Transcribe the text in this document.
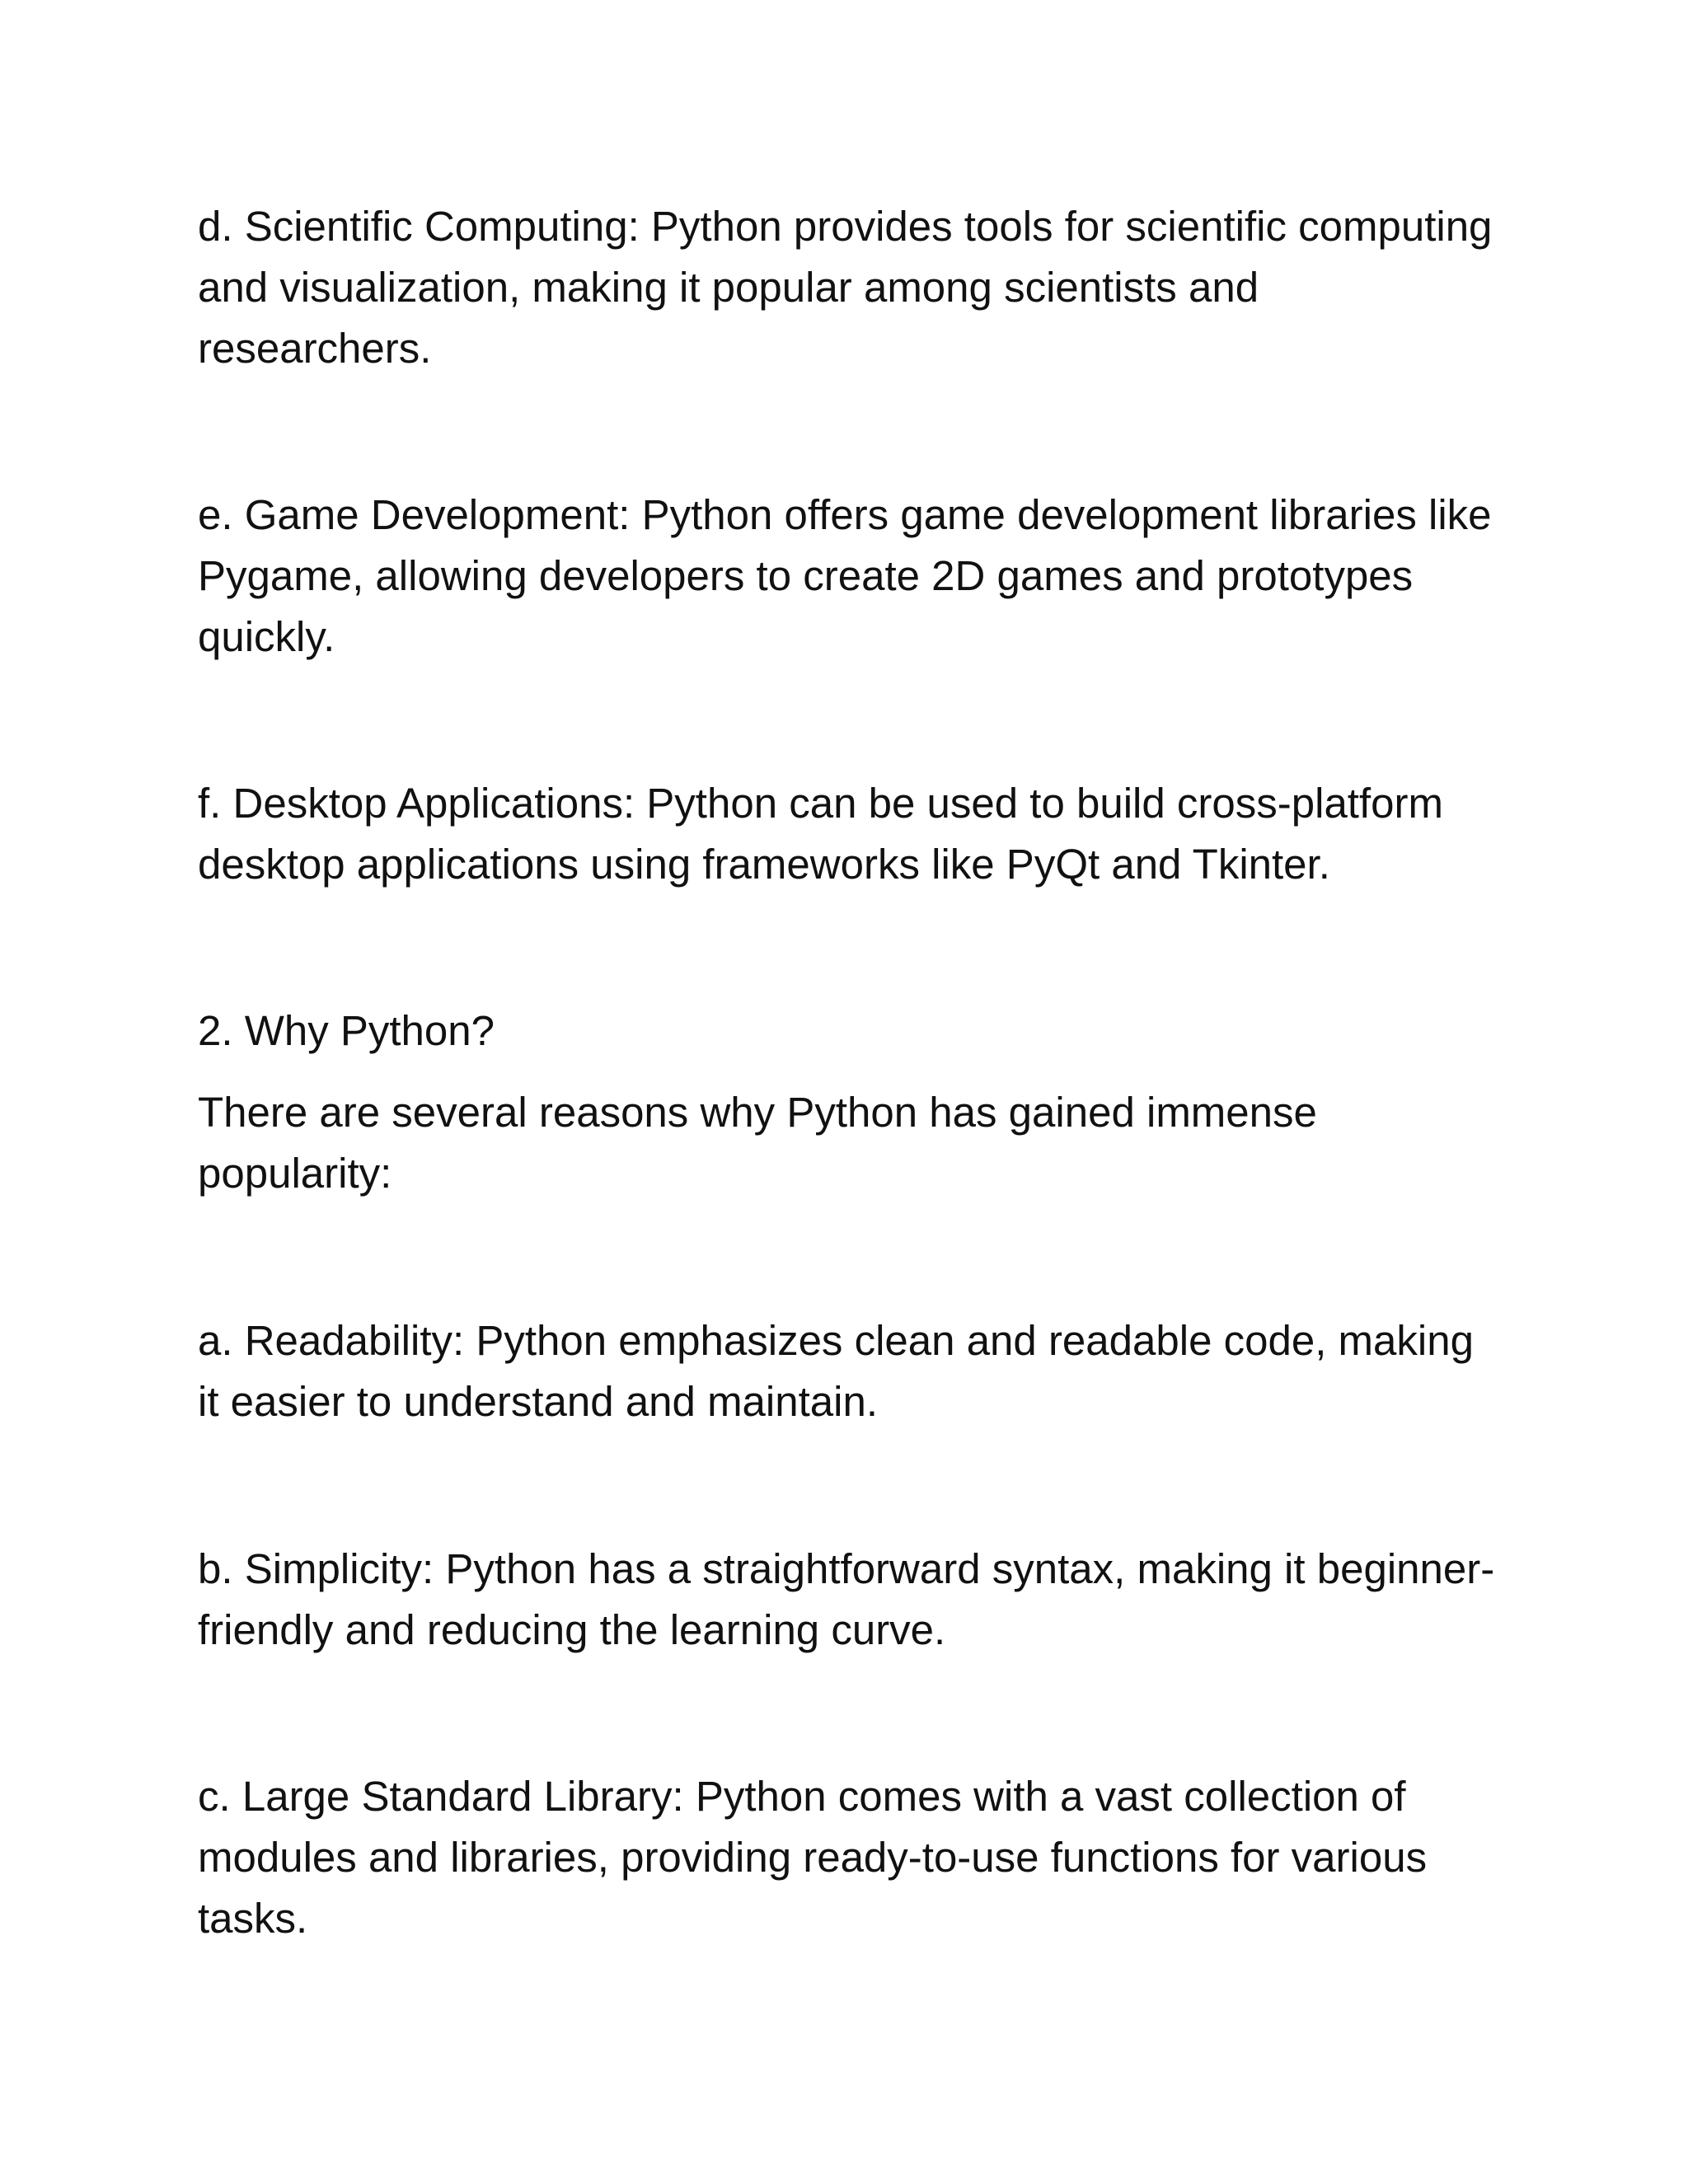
d. Scientific Computing: Python provides tools for scientific computing and visualization, making it popular among scientists and researchers.

e. Game Development: Python offers game development libraries like Pygame, allowing developers to create 2D games and prototypes quickly.

f. Desktop Applications: Python can be used to build cross-platform desktop applications using frameworks like PyQt and Tkinter.

2. Why Python?

There are several reasons why Python has gained immense popularity:

a. Readability: Python emphasizes clean and readable code, making it easier to understand and maintain.

b. Simplicity: Python has a straightforward syntax, making it beginner-friendly and reducing the learning curve.

c. Large Standard Library: Python comes with a vast collection of modules and libraries, providing ready-to-use functions for various tasks.
